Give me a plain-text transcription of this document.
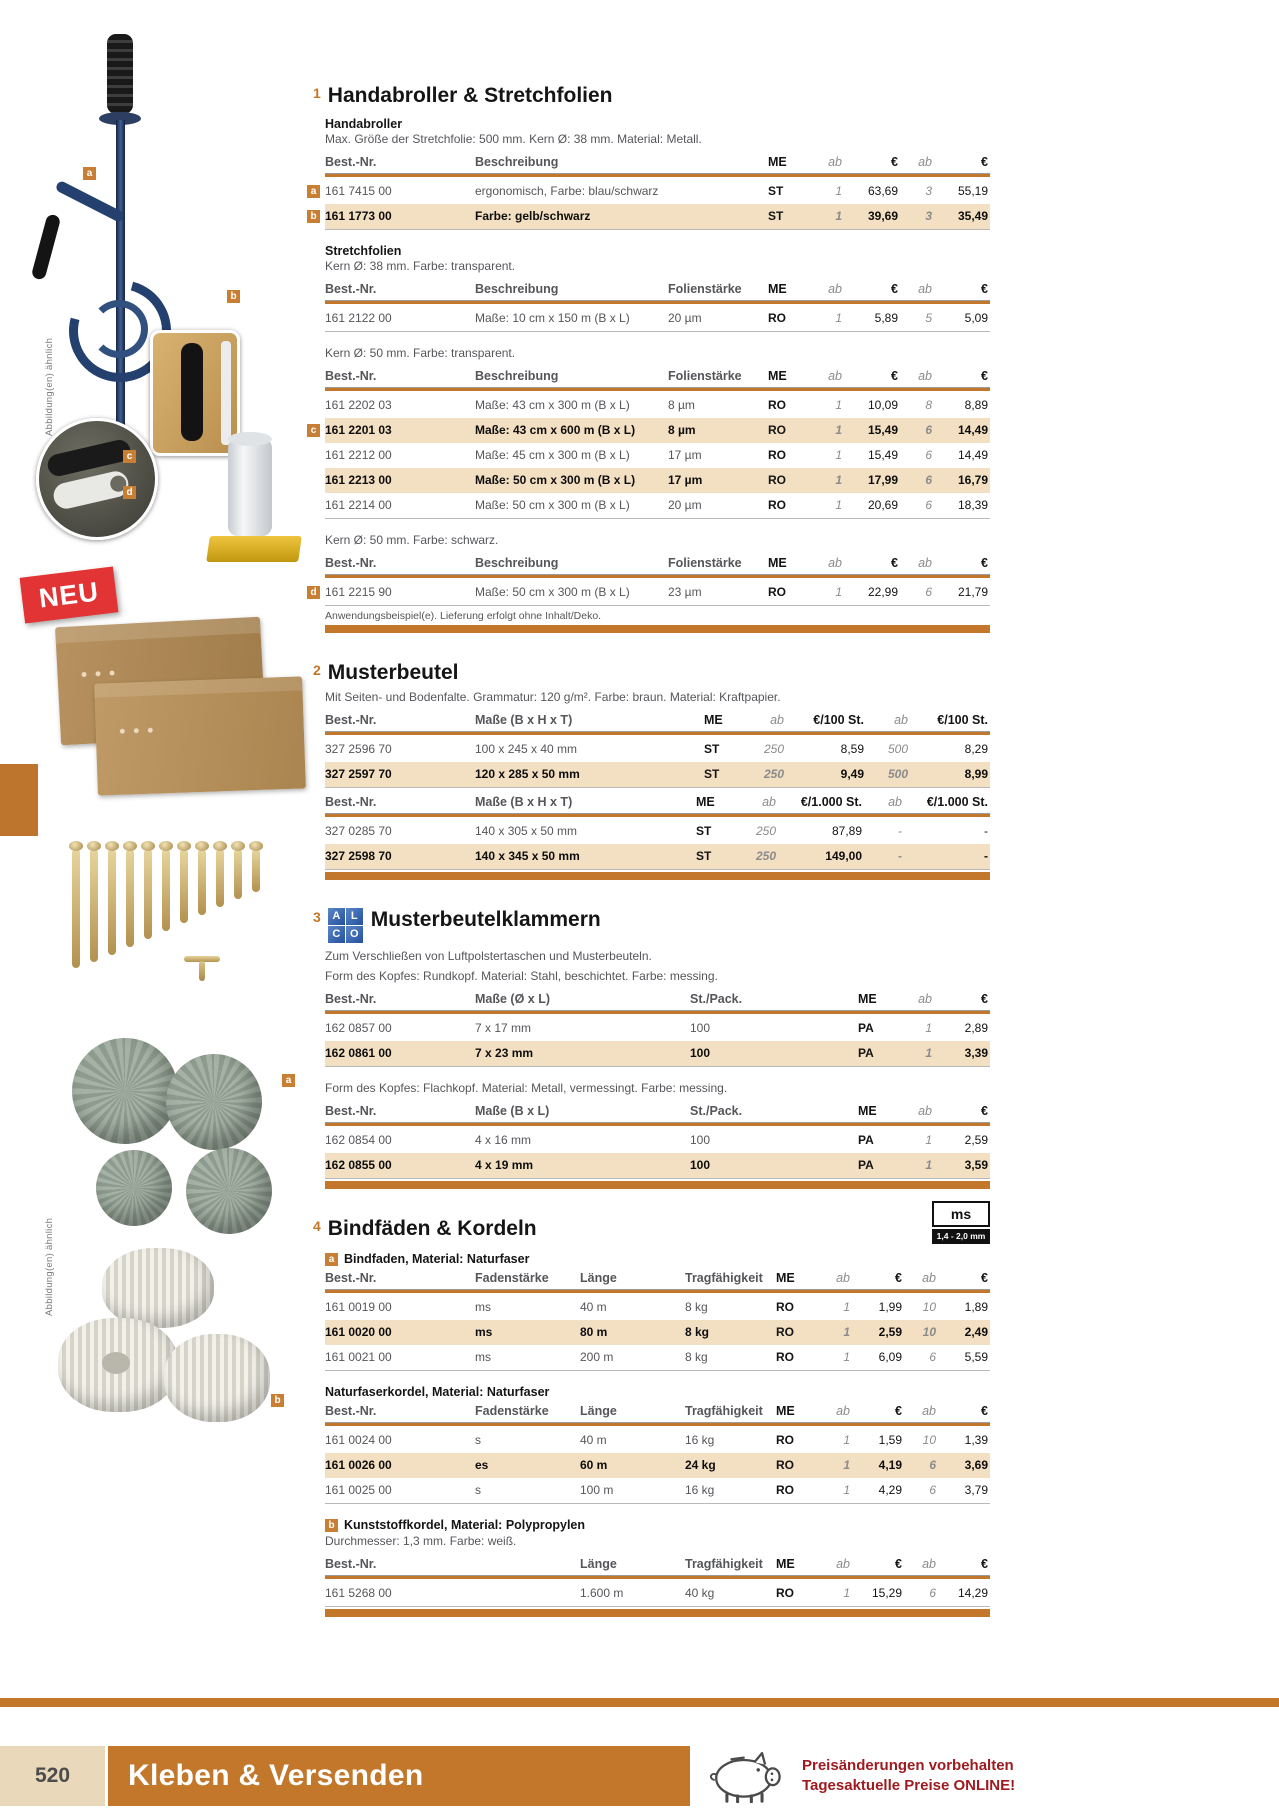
a
b
c
d
Abbildung(en) ähnlich
NEU
a
b
Abbildung(en) ähnlich
1 Handabroller & Stretchfolien
Handabroller
Max. Größe der Stretchfolie: 500 mm. Kern Ø: 38 mm. Material: Metall.
Best.-Nr.	Beschreibung	ME	ab	€	ab	€
a 161 7415 00	ergonomisch, Farbe: blau/schwarz	ST	1	63,69	3	55,19
b 161 1773 00	Farbe: gelb/schwarz	ST	1	39,69	3	35,49
Stretchfolien
Kern Ø: 38 mm. Farbe: transparent.
Best.-Nr.	Beschreibung	Folienstärke	ME	ab	€	ab	€
161 2122 00	Maße: 10 cm x 150 m (B x L)	20 µm	RO	1	5,89	5	5,09
Kern Ø: 50 mm. Farbe: transparent.
Best.-Nr.	Beschreibung	Folienstärke	ME	ab	€	ab	€
161 2202 03	Maße: 43 cm x 300 m (B x L)	8 µm	RO	1	10,09	8	8,89
c 161 2201 03	Maße: 43 cm x 600 m (B x L)	8 µm	RO	1	15,49	6	14,49
161 2212 00	Maße: 45 cm x 300 m (B x L)	17 µm	RO	1	15,49	6	14,49
161 2213 00	Maße: 50 cm x 300 m (B x L)	17 µm	RO	1	17,99	6	16,79
161 2214 00	Maße: 50 cm x 300 m (B x L)	20 µm	RO	1	20,69	6	18,39
Kern Ø: 50 mm. Farbe: schwarz.
Best.-Nr.	Beschreibung	Folienstärke	ME	ab	€	ab	€
d 161 2215 90	Maße: 50 cm x 300 m (B x L)	23 µm	RO	1	22,99	6	21,79
Anwendungsbeispiel(e). Lieferung erfolgt ohne Inhalt/Deko.
2 Musterbeutel
Mit Seiten- und Bodenfalte. Grammatur: 120 g/m². Farbe: braun. Material: Kraftpapier.
Best.-Nr.	Maße (B x H x T)	ME	ab	€/100 St.	ab	€/100 St.
327 2596 70	100 x 245 x 40 mm	ST	250	8,59	500	8,29
327 2597 70	120 x 285 x 50 mm	ST	250	9,49	500	8,99
Best.-Nr.	Maße (B x H x T)	ME	ab	€/1.000 St.	ab	€/1.000 St.
327 0285 70	140 x 305 x 50 mm	ST	250	87,89	-	-
327 2598 70	140 x 345 x 50 mm	ST	250	149,00	-	-
3	A L
C O
Musterbeutelklammern
Zum Verschließen von Luftpolstertaschen und Musterbeuteln.
Form des Kopfes: Rundkopf. Material: Stahl, beschichtet. Farbe: messing.
Best.-Nr.	Maße (Ø x L)	St./Pack.	ME	ab	€
162 0857 00	7 x 17 mm	100	PA	1	2,89
162 0861 00	7 x 23 mm	100	PA	1	3,39
Form des Kopfes: Flachkopf. Material: Metall, vermessingt. Farbe: messing.
Best.-Nr.	Maße (B x L)	St./Pack.	ME	ab	€
162 0854 00	4 x 16 mm	100	PA	1	2,59
162 0855 00	4 x 19 mm	100	PA	1	3,59
ms
1,4 - 2,0 mm
4 Bindfäden & Kordeln
a Bindfaden, Material: Naturfaser
Best.-Nr.	Fadenstärke	Länge	Tragfähigkeit	ME	ab	€	ab	€
161 0019 00	ms	40 m	8 kg	RO	1	1,99	10	1,89
161 0020 00	ms	80 m	8 kg	RO	1	2,59	10	2,49
161 0021 00	ms	200 m	8 kg	RO	1	6,09	6	5,59
Naturfaserkordel, Material: Naturfaser
Best.-Nr.	Fadenstärke	Länge	Tragfähigkeit	ME	ab	€	ab	€
161 0024 00	s	40 m	16 kg	RO	1	1,59	10	1,39
161 0026 00	es	60 m	24 kg	RO	1	4,19	6	3,69
161 0025 00	s	100 m	16 kg	RO	1	4,29	6	3,79
b Kunststoffkordel, Material: Polypropylen
Durchmesser: 1,3 mm. Farbe: weiß.
Best.-Nr.	Länge	Tragfähigkeit	ME	ab	€	ab	€
161 5268 00	1.600 m	40 kg	RO	1	15,29	6	14,29
520	Kleben & Versenden	Preisänderungen vorbehalten
Tagesaktuelle Preise ONLINE!
